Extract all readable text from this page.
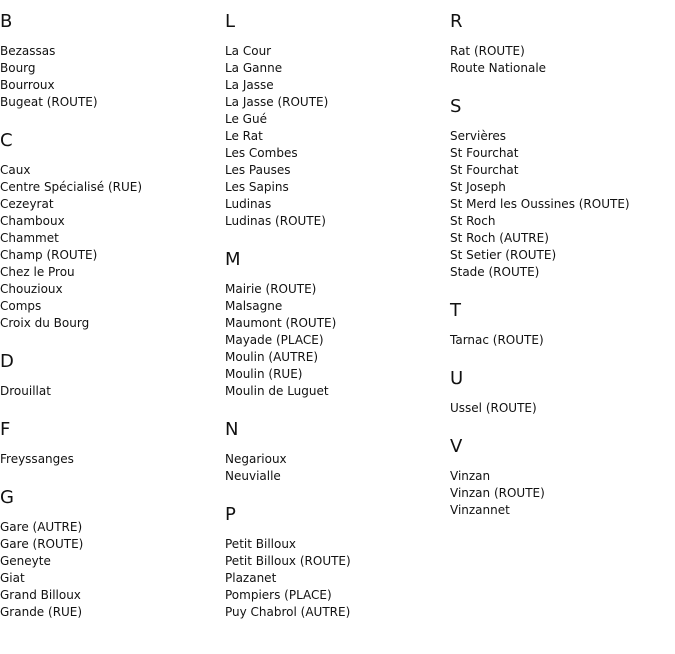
B
Bezassas
Bourg
Bourroux
Bugeat (ROUTE)
C
Caux
Centre Spécialisé (RUE)
Cezeyrat
Chamboux
Chammet
Champ (ROUTE)
Chez le Prou
Chouzioux
Comps
Croix du Bourg
D
Drouillat
F
Freyssanges
G
Gare (AUTRE)
Gare (ROUTE)
Geneyte
Giat
Grand Billoux
Grande (RUE)
L
La Cour
La Ganne
La Jasse
La Jasse (ROUTE)
Le Gué
Le Rat
Les Combes
Les Pauses
Les Sapins
Ludinas
Ludinas (ROUTE)
M
Mairie (ROUTE)
Malsagne
Maumont (ROUTE)
Mayade (PLACE)
Moulin (AUTRE)
Moulin (RUE)
Moulin de Luguet
N
Negarioux
Neuvialle
P
Petit Billoux
Petit Billoux (ROUTE)
Plazanet
Pompiers (PLACE)
Puy Chabrol (AUTRE)
R
Rat (ROUTE)
Route Nationale
S
Servières
St Fourchat
St Fourchat
St Joseph
St Merd les Oussines (ROUTE)
St Roch
St Roch (AUTRE)
St Setier (ROUTE)
Stade (ROUTE)
T
Tarnac (ROUTE)
U
Ussel (ROUTE)
V
Vinzan
Vinzan (ROUTE)
Vinzannet
